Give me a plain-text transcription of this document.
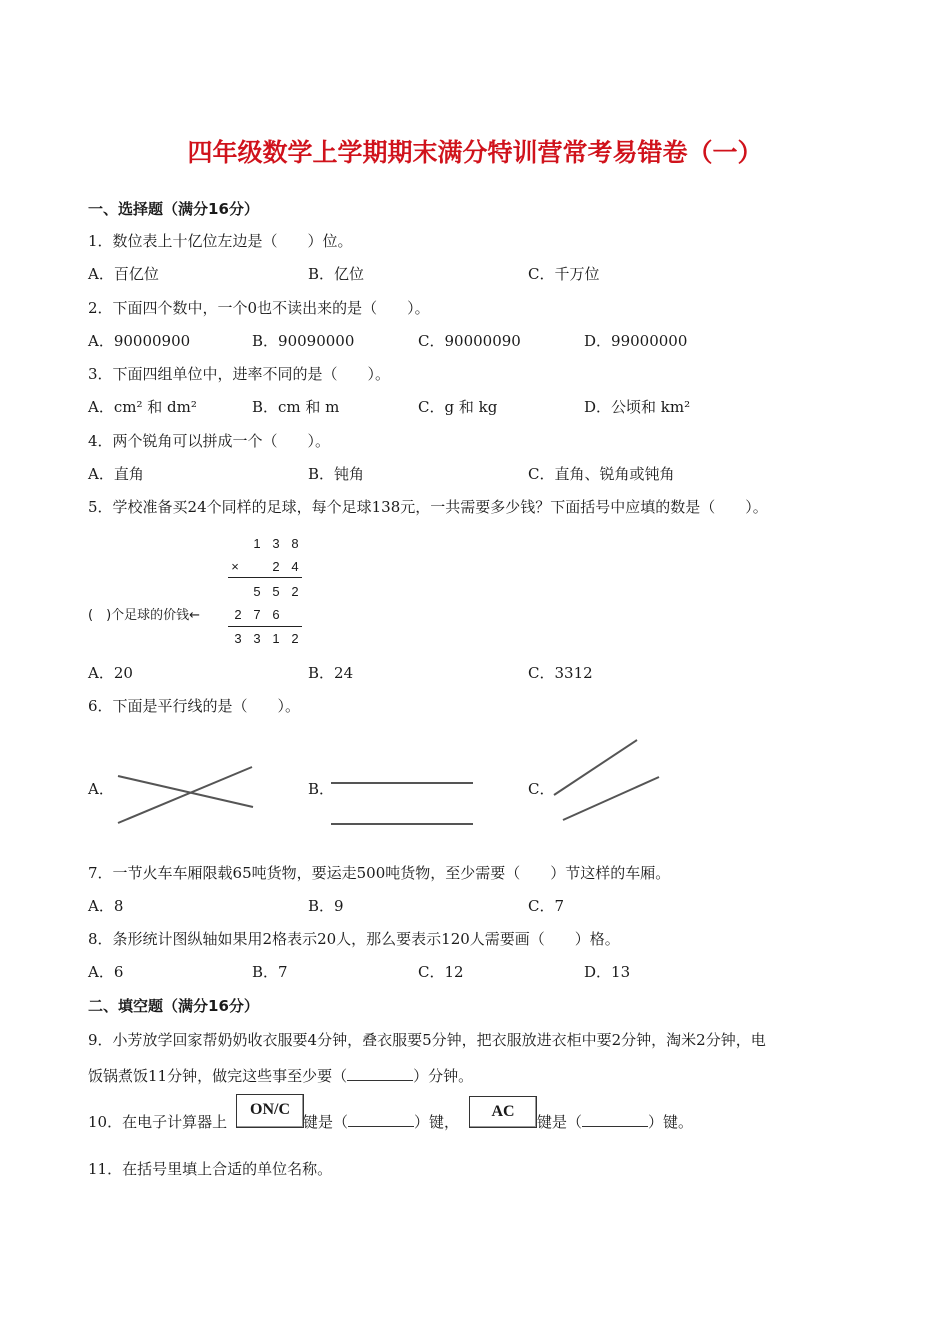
四年级数学上学期期末满分特训营常考易错卷（一）
一、选择题（满分16分）
1．数位表上十亿位左边是（　　）位。
A．百亿位	B．亿位	C．千万位
2．下面四个数中，一个0也不读出来的是（　　）。
A．90000900	B．90090000	C．90000090	D．99000000
3．下面四组单位中，进率不同的是（　　）。
A．cm² 和 dm²	B．cm 和 m	C．g 和 kg	D．公顷和 km²
4．两个锐角可以拼成一个（　　）。
A．直角	B．钝角	C．直角、锐角或钝角
5．学校准备买24个同样的足球，每个足球138元，一共需要多少钱？下面括号中应填的数是（　　）。
1 3 8
×	2 4
5 5 2
(　)个足球的价钱←	2 7 6
3 3 1 2
A．20	B．24	C．3312
6．下面是平行线的是（　　）。
A．	B．	C．
7．一节火车车厢限载65吨货物，要运走500吨货物，至少需要（　　）节这样的车厢。
A．8	B．9	C．7
8．条形统计图纵轴如果用2格表示20人，那么要表示120人需要画（　　）格。
A．6	B．7	C．12	D．13
二、填空题（满分16分）
9．小芳放学回家帮奶奶收衣服要4分钟，叠衣服要5分钟，把衣服放进衣柜中要2分钟，淘米2分钟，电
饭锅煮饭11分钟，做完这些事至少要（	）分钟。
10．在电子计算器上
ON/C
键是（	）键，
AC
键是（	）键。
11．在括号里填上合适的单位名称。
